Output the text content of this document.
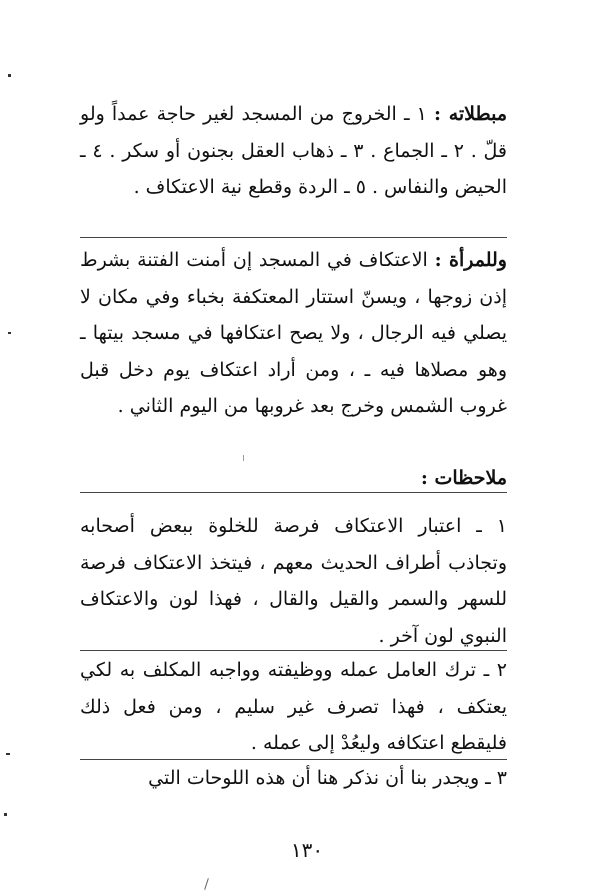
مبطلاته : ١ ـ الخروج من المسجد لغير حاجة عمداً ولو قلّ . ٢ ـ الجماع . ٣ ـ ذهاب العقل بجنون أو سكر . ٤ ـ الحيض والنفاس . ٥ ـ الردة وقطع نية الاعتكاف .

وللمرأة : الاعتكاف في المسجد إن أمنت الفتنة بشرط إذن زوجها ، ويسنّ استتار المعتكفة بخباء وفي مكان لا يصلي فيه الرجال ، ولا يصح اعتكافها في مسجد بيتها ـ وهو مصلاها فيه ـ ، ومن أراد اعتكاف يوم دخل قبل غروب الشمس وخرج بعد غروبها من اليوم الثاني .

ملاحظات :

١ ـ اعتبار الاعتكاف فرصة للخلوة ببعض أصحابه وتجاذب أطراف الحديث معهم ، فيتخذ الاعتكاف فرصة للسهر والسمر والقيل والقال ، فهذا لون والاعتكاف النبوي لون آخر .

٢ ـ ترك العامل عمله ووظيفته وواجبه المكلف به لكي يعتكف ، فهذا تصرف غير سليم ، ومن فعل ذلك فليقطع اعتكافه وليعُدْ إلى عمله .

٣ ـ ويجدر بنا أن نذكر هنا أن هذه اللوحات التي

١٣٠
